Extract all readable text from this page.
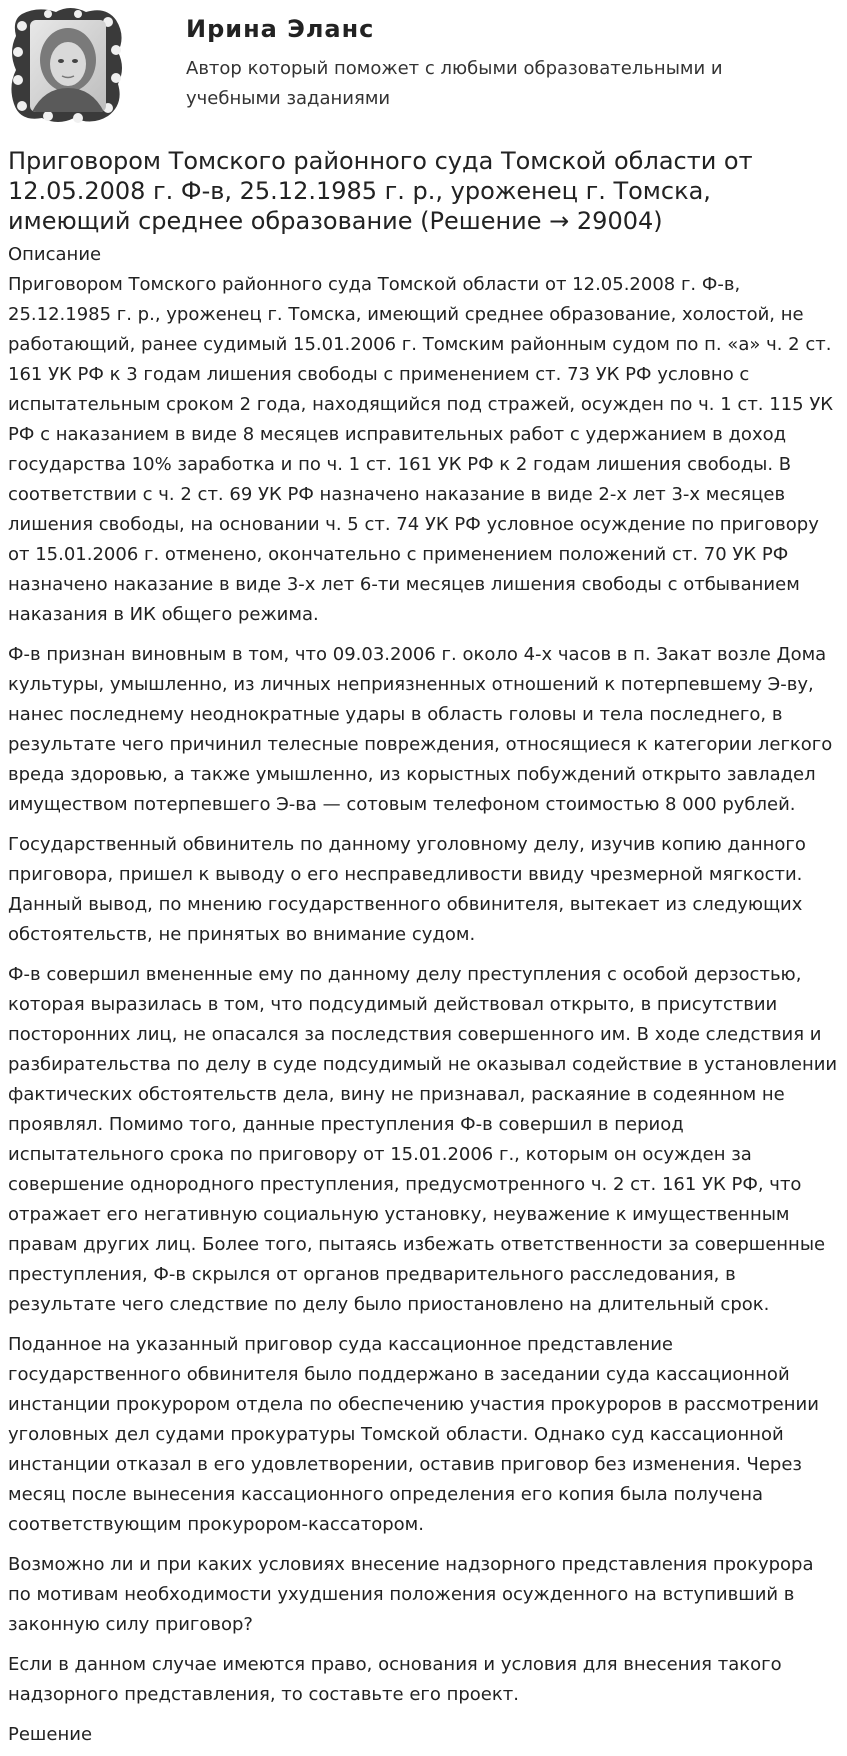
Ирина Эланс
Автор который поможет с любыми образовательными и учебными заданиями
Приговором Томского районного суда Томской области от 12.05.2008 г. Ф-в, 25.12.1985 г. р., уроженец г. Томска, имеющий среднее образование (Решение → 29004)
Описание

Приговором Томского районного суда Томской области от 12.05.2008 г. Ф-в, 25.12.1985 г. р., уроженец г. Томска, имеющий среднее образование, холостой, не работающий, ранее судимый 15.01.2006 г. Томским районным судом по п. «а» ч. 2 ст. 161 УК РФ к 3 годам лишения свободы с применением ст. 73 УК РФ условно с испытательным сроком 2 года, находящийся под стражей, осужден по ч. 1 ст. 115 УК РФ с наказанием в виде 8 месяцев исправительных работ с удержанием в доход государства 10% заработка и по ч. 1 ст. 161 УК РФ к 2 годам лишения свободы. В соответствии с ч. 2 ст. 69 УК РФ назначено наказание в виде 2-х лет 3-х месяцев лишения свободы, на основании ч. 5 ст. 74 УК РФ условное осуждение по приговору от 15.01.2006 г. отменено, окончательно с применением положений ст. 70 УК РФ назначено наказание в виде 3-х лет 6-ти месяцев лишения свободы с отбыванием наказания в ИК общего режима.

Ф-в признан виновным в том, что 09.03.2006 г. около 4-х часов в п. Закат возле Дома культуры, умышленно, из личных неприязненных отношений к потерпевшему Э-ву, нанес последнему неоднократные удары в область головы и тела последнего, в результате чего причинил телесные повреждения, относящиеся к категории легкого вреда здоровью, а также умышленно, из корыстных побуждений открыто завладел имуществом потерпевшего Э-ва — сотовым телефоном стоимостью 8 000 рублей.

Государственный обвинитель по данному уголовному делу, изучив копию данного приговора, пришел к выводу о его несправедливости ввиду чрезмерной мягкости. Данный вывод, по мнению государственного обвинителя, вытекает из следующих обстоятельств, не принятых во внимание судом.

Ф-в совершил вмененные ему по данному делу преступления с особой дерзостью, которая выразилась в том, что подсудимый действовал открыто, в присутствии посторонних лиц, не опасался за последствия совершенного им. В ходе следствия и разбирательства по делу в суде подсудимый не оказывал содействие в установлении фактических обстоятельств дела, вину не признавал, раскаяние в содеянном не проявлял. Помимо того, данные преступления Ф-в совершил в период испытательного срока по приговору от 15.01.2006 г., которым он осужден за совершение однородного преступления, предусмотренного ч. 2 ст. 161 УК РФ, что отражает его негативную социальную установку, неуважение к имущественным правам других лиц. Более того, пытаясь избежать ответственности за совершенные преступления, Ф-в скрылся от органов предварительного расследования, в результате чего следствие по делу было приостановлено на длительный срок.

Поданное на указанный приговор суда кассационное представление государственного обвинителя было поддержано в заседании суда кассационной инстанции прокурором отдела по обеспечению участия прокуроров в рассмотрении уголовных дел судами прокуратуры Томской области. Однако суд кассационной инстанции отказал в его удовлетворении, оставив приговор без изменения. Через месяц после вынесения кассационного определения его копия была получена соответствующим прокурором-кассатором.

Возможно ли и при каких условиях внесение надзорного представления прокурора по мотивам необходимости ухудшения положения осужденного на вступивший в законную силу приговор?

Если в данном случае имеются право, основания и условия для внесения такого надзорного представления, то составьте его проект.

Решение
